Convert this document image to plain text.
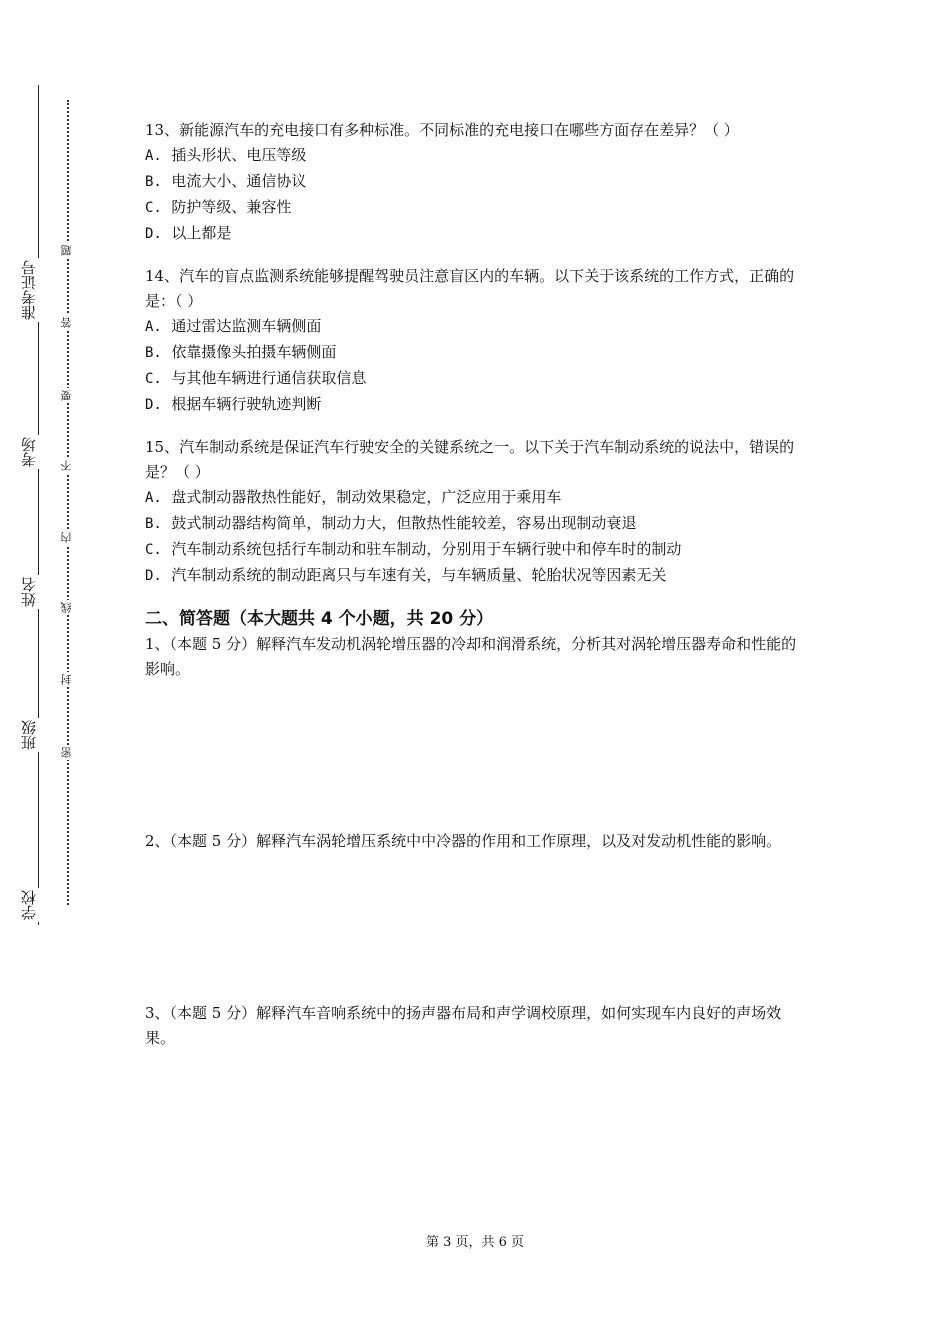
准考证号
考场
姓名
班级
学校
题
答
要
不
内
线
封
密
13、新能源汽车的充电接口有多种标准。不同标准的充电接口在哪些方面存在差异？（ ）
A. 插头形状、电压等级
B. 电流大小、通信协议
C. 防护等级、兼容性
D. 以上都是
14、汽车的盲点监测系统能够提醒驾驶员注意盲区内的车辆。以下关于该系统的工作方式，正确的是：（ ）
A. 通过雷达监测车辆侧面
B. 依靠摄像头拍摄车辆侧面
C. 与其他车辆进行通信获取信息
D. 根据车辆行驶轨迹判断
15、汽车制动系统是保证汽车行驶安全的关键系统之一。以下关于汽车制动系统的说法中，错误的是？（ ）
A. 盘式制动器散热性能好，制动效果稳定，广泛应用于乘用车
B. 鼓式制动器结构简单，制动力大，但散热性能较差，容易出现制动衰退
C. 汽车制动系统包括行车制动和驻车制动，分别用于车辆行驶中和停车时的制动
D. 汽车制动系统的制动距离只与车速有关，与车辆质量、轮胎状况等因素无关
二、简答题（本大题共 4 个小题，共 20 分）
1、（本题 5 分）解释汽车发动机涡轮增压器的冷却和润滑系统，分析其对涡轮增压器寿命和性能的影响。
2、（本题 5 分）解释汽车涡轮增压系统中中冷器的作用和工作原理，以及对发动机性能的影响。
3、（本题 5 分）解释汽车音响系统中的扬声器布局和声学调校原理，如何实现车内良好的声场效果。
第 3 页，共 6 页
